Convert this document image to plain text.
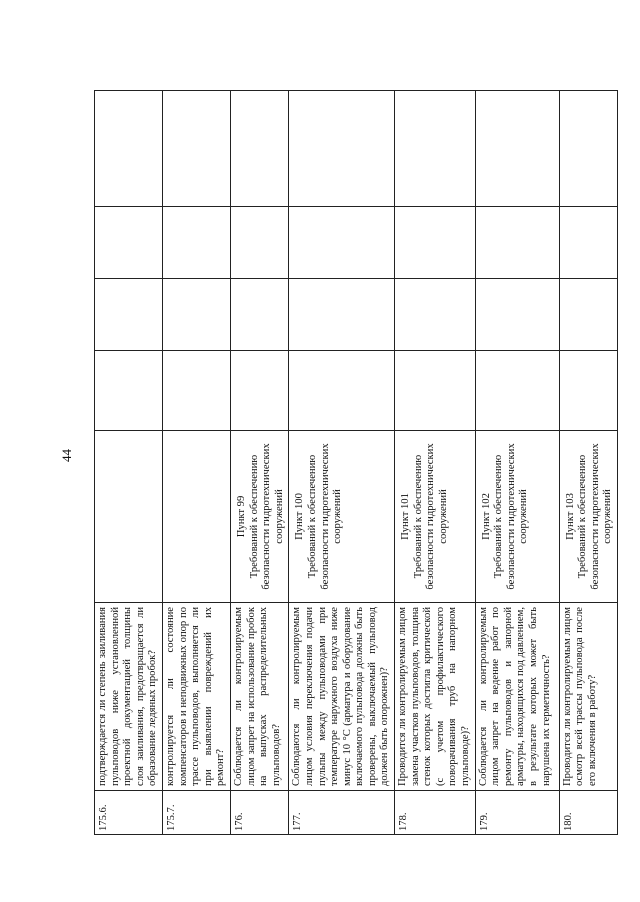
44
175.6.	подтверждается ли степень заиливания пульповодов ниже установленной проектной документацией толщины слоя заиливания, предотвращается ли образование ледяных пробок?	

175.7.	контролируется ли состояние компенсаторов и неподвижных опор по трассе пульповодов, выполняется ли при выявлении повреждений их ремонт?	

176.	Соблюдается ли контролируемым лицом запрет на использование пробок на выпусках распределительных пульповодов?	Пункт 99 Требований к обеспечению безопасности гидротехнических сооружений				

177.	Соблюдаются ли контролируемым лицом условия переключения подачи пульпы между пульповодами при температуре наружного воздуха ниже минус 10 °С (арматура и оборудование включаемого пульповода должны быть проверены, выключаемый пульповод должен быть опорожнен)?	Пункт 100 Требований к обеспечению безопасности гидротехнических сооружений				

178.	Проводится ли контролируемым лицом замена участков пульповодов, толщина стенок которых достигла критической (с учетом профилактического поворачивания труб на напорном пульповоде)?	Пункт 101 Требований к обеспечению безопасности гидротехнических сооружений				

179.	Соблюдается ли контролируемым лицом запрет на ведение работ по ремонту пульповодов и запорной арматуры, находящихся под давлением, в результате которых может быть нарушена их герметичность?	Пункт 102 Требований к обеспечению безопасности гидротехнических сооружений				

180.	Проводится ли контролируемым лицом осмотр всей трассы пульповода после его включения в работу?	Пункт 103 Требований к обеспечению безопасности гидротехнических сооружений				
